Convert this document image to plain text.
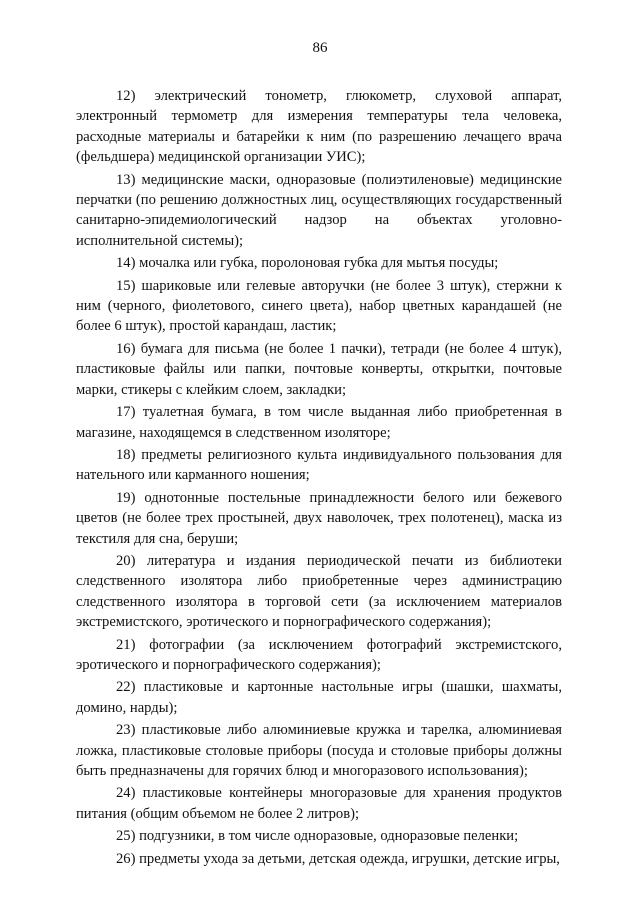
86

12) электрический тонометр, глюкометр, слуховой аппарат, электронный термометр для измерения температуры тела человека, расходные материалы и батарейки к ним (по разрешению лечащего врача (фельдшера) медицинской организации УИС);

13) медицинские маски, одноразовые (полиэтиленовые) медицинские перчатки (по решению должностных лиц, осуществляющих государственный санитарно-эпидемиологический надзор на объектах уголовно-исполнительной системы);

14) мочалка или губка, поролоновая губка для мытья посуды;

15) шариковые или гелевые авторучки (не более 3 штук), стержни к ним (черного, фиолетового, синего цвета), набор цветных карандашей (не более 6 штук), простой карандаш, ластик;

16) бумага для письма (не более 1 пачки), тетради (не более 4 штук), пластиковые файлы или папки, почтовые конверты, открытки, почтовые марки, стикеры с клейким слоем, закладки;

17) туалетная бумага, в том числе выданная либо приобретенная в магазине, находящемся в следственном изоляторе;

18) предметы религиозного культа индивидуального пользования для нательного или карманного ношения;

19) однотонные постельные принадлежности белого или бежевого цветов (не более трех простыней, двух наволочек, трех полотенец), маска из текстиля для сна, беруши;

20) литература и издания периодической печати из библиотеки следственного изолятора либо приобретенные через администрацию следственного изолятора в торговой сети (за исключением материалов экстремистского, эротического и порнографического содержания);

21) фотографии (за исключением фотографий экстремистского, эротического и порнографического содержания);

22) пластиковые и картонные настольные игры (шашки, шахматы, домино, нарды);

23) пластиковые либо алюминиевые кружка и тарелка, алюминиевая ложка, пластиковые столовые приборы (посуда и столовые приборы должны быть предназначены для горячих блюд и многоразового использования);

24) пластиковые контейнеры многоразовые для хранения продуктов питания (общим объемом не более 2 литров);

25) подгузники, в том числе одноразовые, одноразовые пеленки;

26) предметы ухода за детьми, детская одежда, игрушки, детские игры,
